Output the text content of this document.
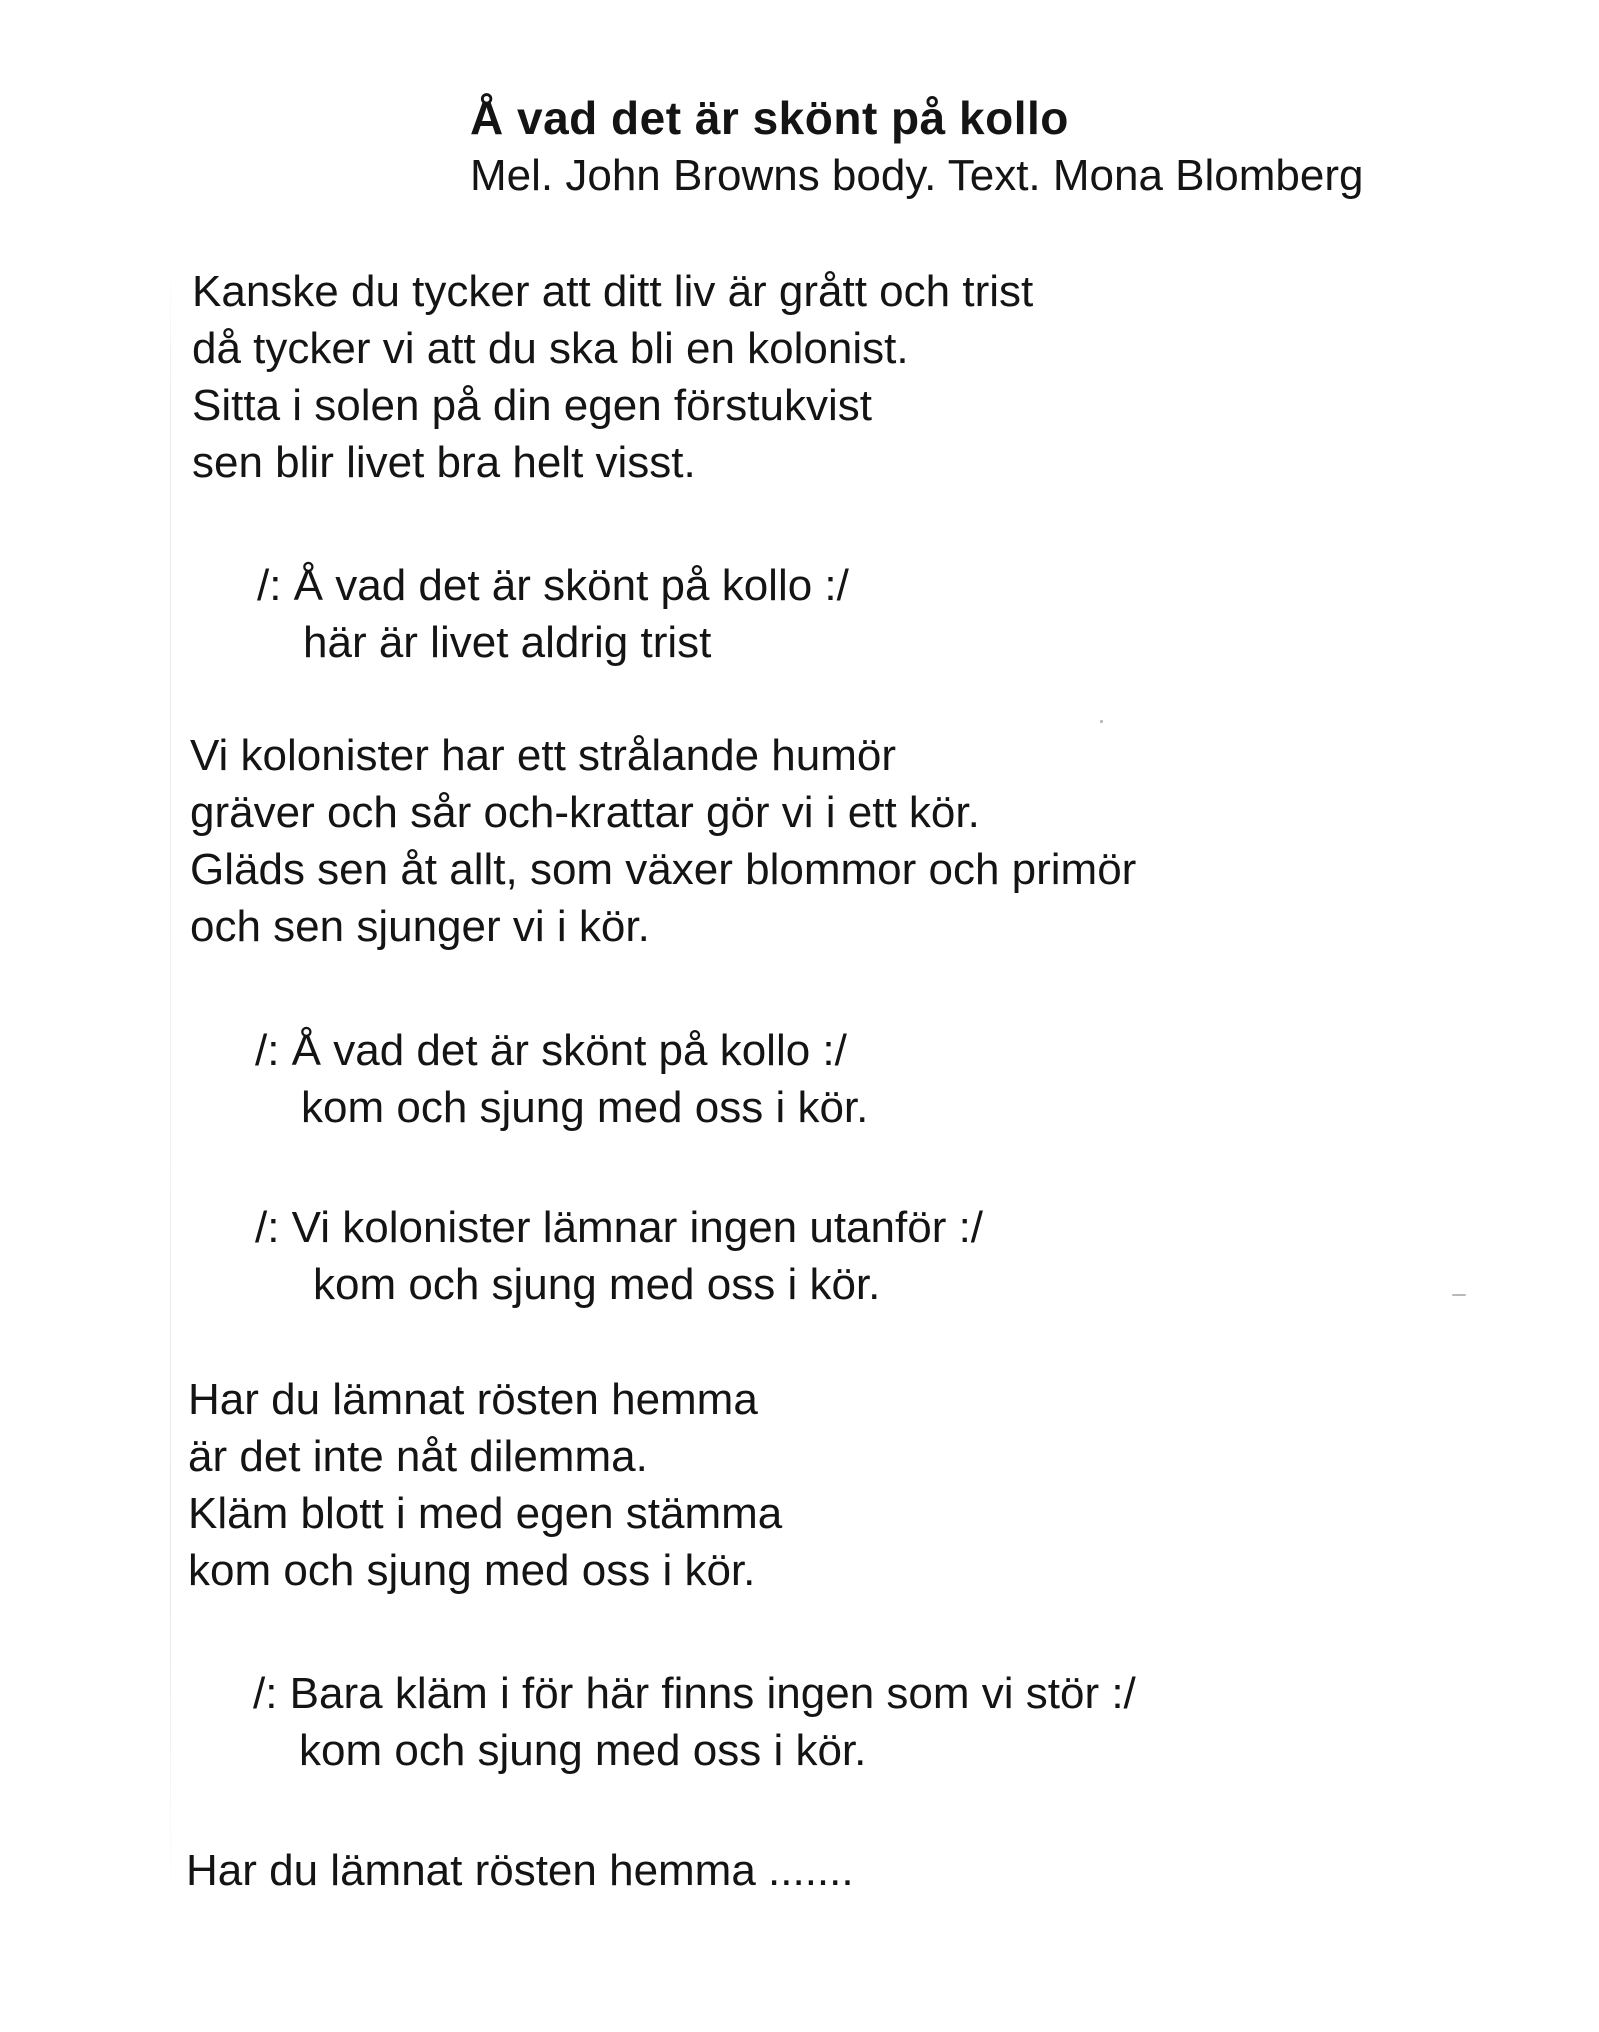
Å vad det är skönt på kollo
Mel. John Browns body. Text. Mona Blomberg
Kanske du tycker att ditt liv är grått och trist
då tycker vi att du ska bli en kolonist.
Sitta i solen på din egen förstukvist
sen blir livet bra helt visst.
/: Å vad det är skönt på kollo :/
här är livet aldrig trist
Vi kolonister har ett strålande humör
gräver och sår och-krattar gör vi i ett kör.
Gläds sen åt allt, som växer blommor och primör
och sen sjunger vi i kör.
/: Å vad det är skönt på kollo :/
kom och sjung med oss i kör.
/: Vi kolonister lämnar ingen utanför :/
kom och sjung med oss i kör.
Har du lämnat rösten hemma
är det inte nåt dilemma.
Kläm blott i med egen stämma
kom och sjung med oss i kör.
/: Bara kläm i för här finns ingen som vi stör :/
kom och sjung med oss i kör.
Har du lämnat rösten hemma .......
